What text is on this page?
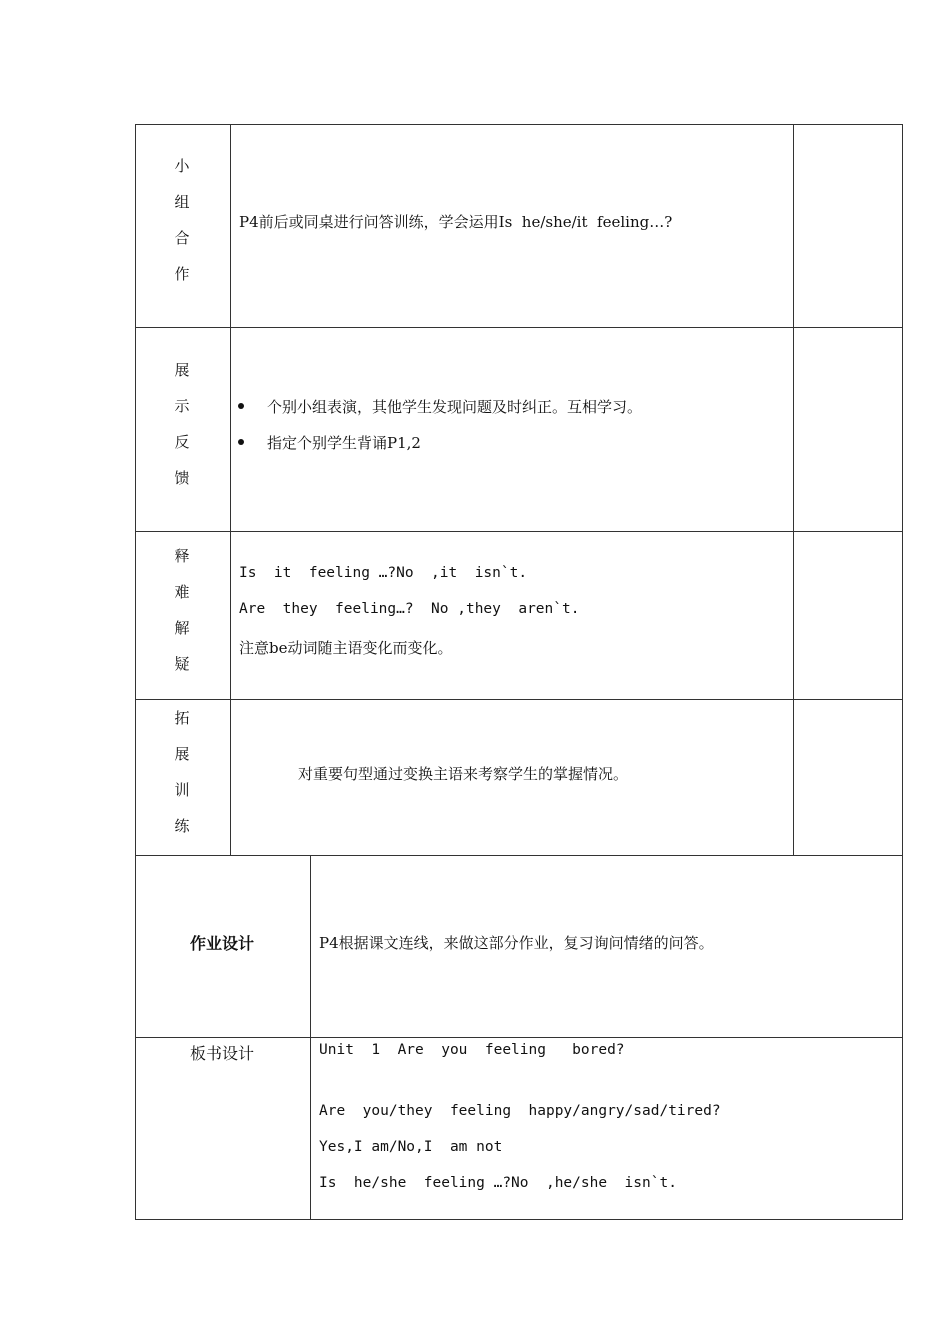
小
组
合
作
P4前后或同桌进行问答训练，学会运用Is  he/she/it  feeling…?
展
示
反
馈
个别小组表演，其他学生发现问题及时纠正。互相学习。
指定个别学生背诵P1,2
释
难
解
疑
Is  it  feeling …?No  ,it  isn`t.
Are  they  feeling…?  No ,they  aren`t.
注意be动词随主语变化而变化。
拓
展
训
练
对重要句型通过变换主语来考察学生的掌握情况。
作业设计	P4根据课文连线，来做这部分作业，复习询问情绪的问答。
板书设计	Unit  1  Are  you  feeling   bored?
Are  you/they  feeling  happy/angry/sad/tired?
Yes,I am/No,I  am not
Is  he/she  feeling …?No  ,he/she  isn`t.
